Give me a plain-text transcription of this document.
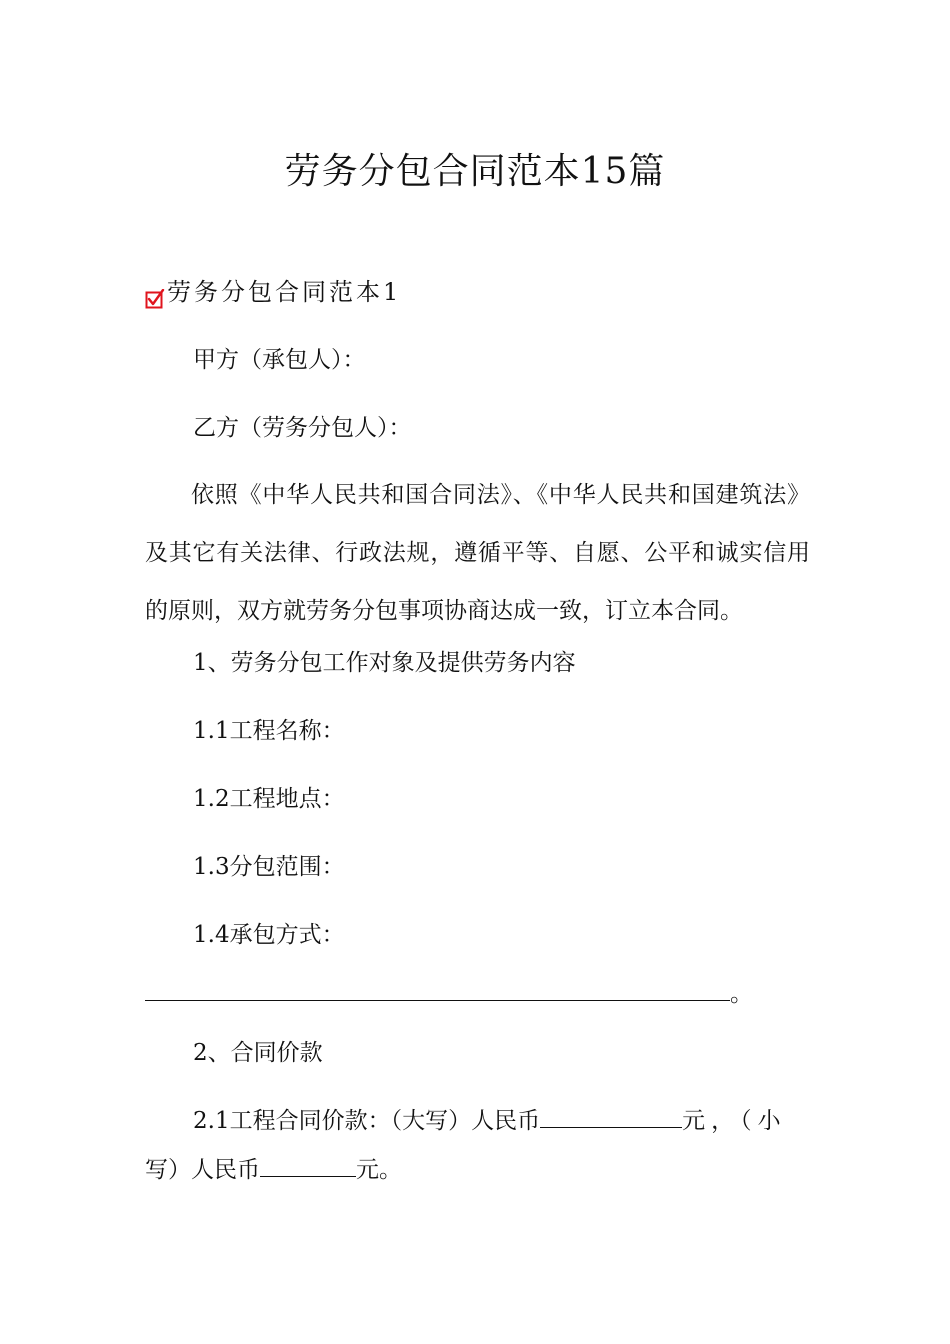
劳务分包合同范本15篇
劳务分包合同范本1
甲方（承包人）：
乙方（劳务分包人）：
依照《中华人民共和国合同法》、《中华人民共和国建筑法》及其它有关法律、行政法规，遵循平等、自愿、公平和诚实信用的原则，双方就劳务分包事项协商达成一致，订立本合同。
1、劳务分包工作对象及提供劳务内容
1.1工程名称：
1.2工程地点：
1.3分包范围：
1.4承包方式：
。
2、合同价款
2.1工程合同价款：（大写）人民币	元，（小
写）人民币	元。
